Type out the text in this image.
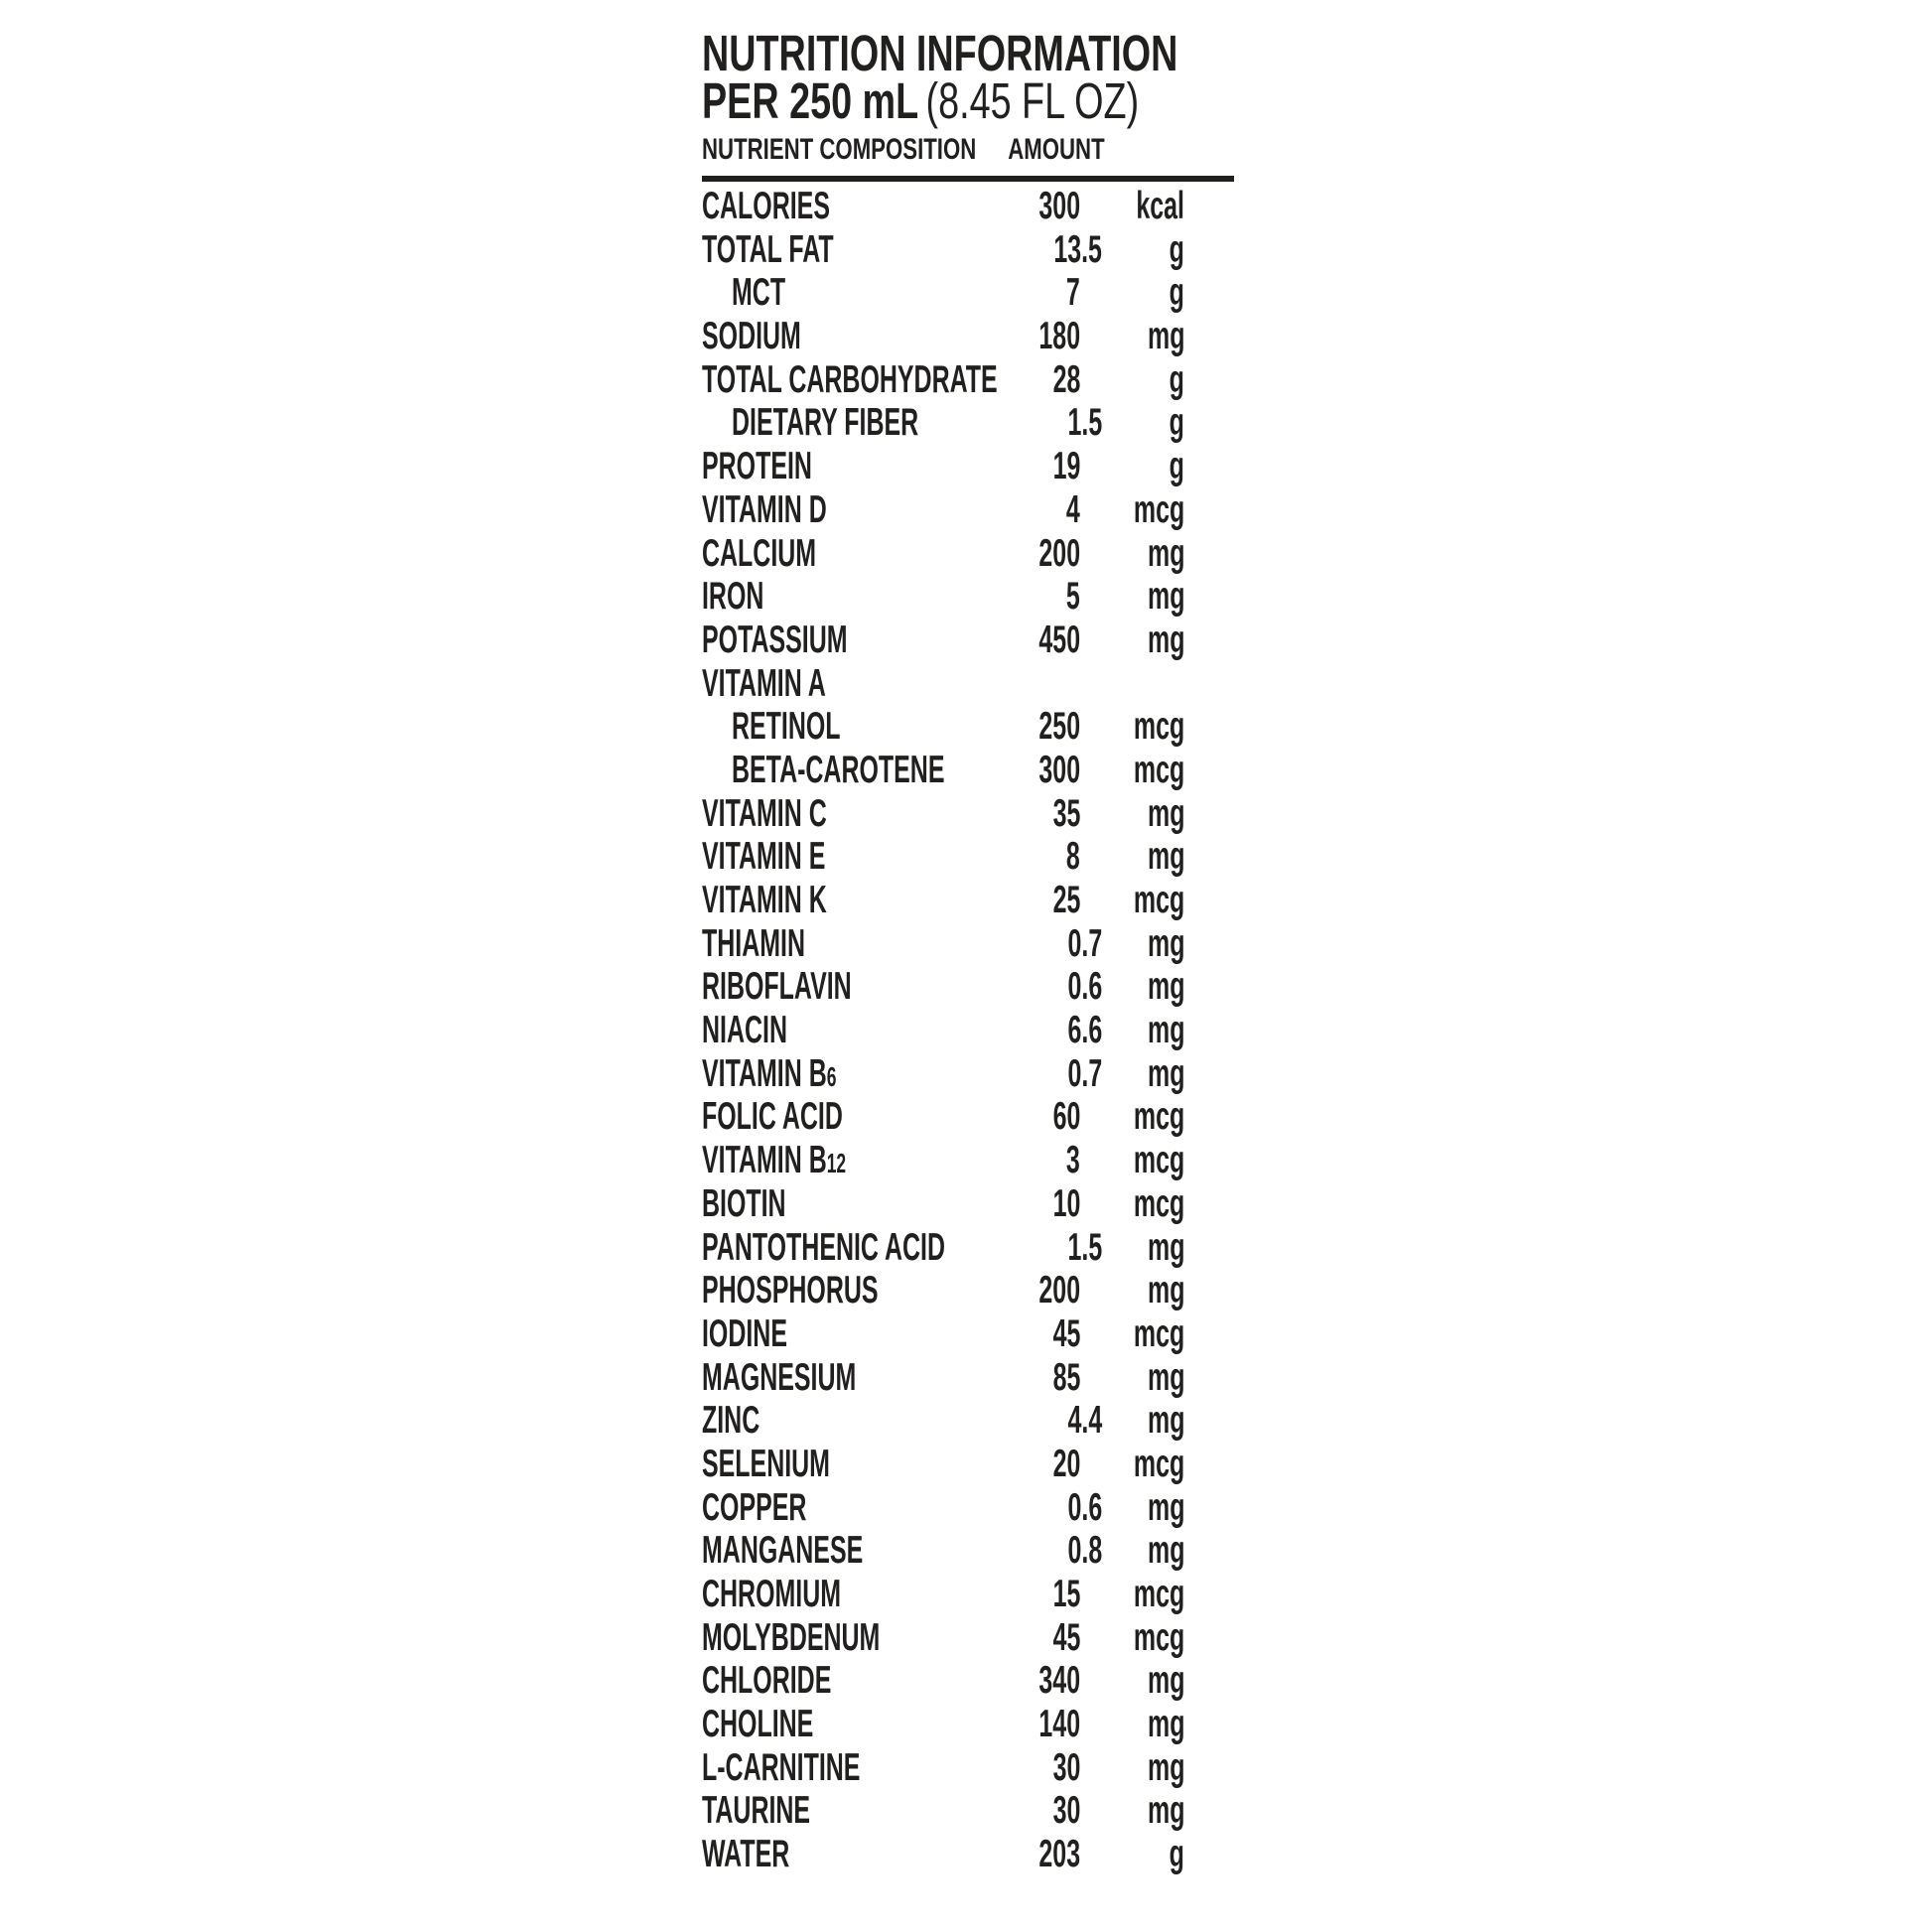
NUTRITION INFORMATION
PER 250 mL (8.45 FL OZ)
NUTRIENT COMPOSITION AMOUNT
CALORIES	300	kcal
TOTAL FAT	13.5	g
MCT	7	g
SODIUM	180	mg
TOTAL CARBOHYDRATE	28	g
DIETARY FIBER	1.5	g
PROTEIN	19	g
VITAMIN D	4	mcg
CALCIUM	200	mg
IRON	5	mg
POTASSIUM	450	mg
VITAMIN A
RETINOL	250	mcg
BETA-CAROTENE	300	mcg
VITAMIN C	35	mg
VITAMIN E	8	mg
VITAMIN K	25	mcg
THIAMIN	0.7	mg
RIBOFLAVIN	0.6	mg
NIACIN	6.6	mg
VITAMIN B6	0.7	mg
FOLIC ACID	60	mcg
VITAMIN B12	3	mcg
BIOTIN	10	mcg
PANTOTHENIC ACID	1.5	mg
PHOSPHORUS	200	mg
IODINE	45	mcg
MAGNESIUM	85	mg
ZINC	4.4	mg
SELENIUM	20	mcg
COPPER	0.6	mg
MANGANESE	0.8	mg
CHROMIUM	15	mcg
MOLYBDENUM	45	mcg
CHLORIDE	340	mg
CHOLINE	140	mg
L-CARNITINE	30	mg
TAURINE	30	mg
WATER	203	g
